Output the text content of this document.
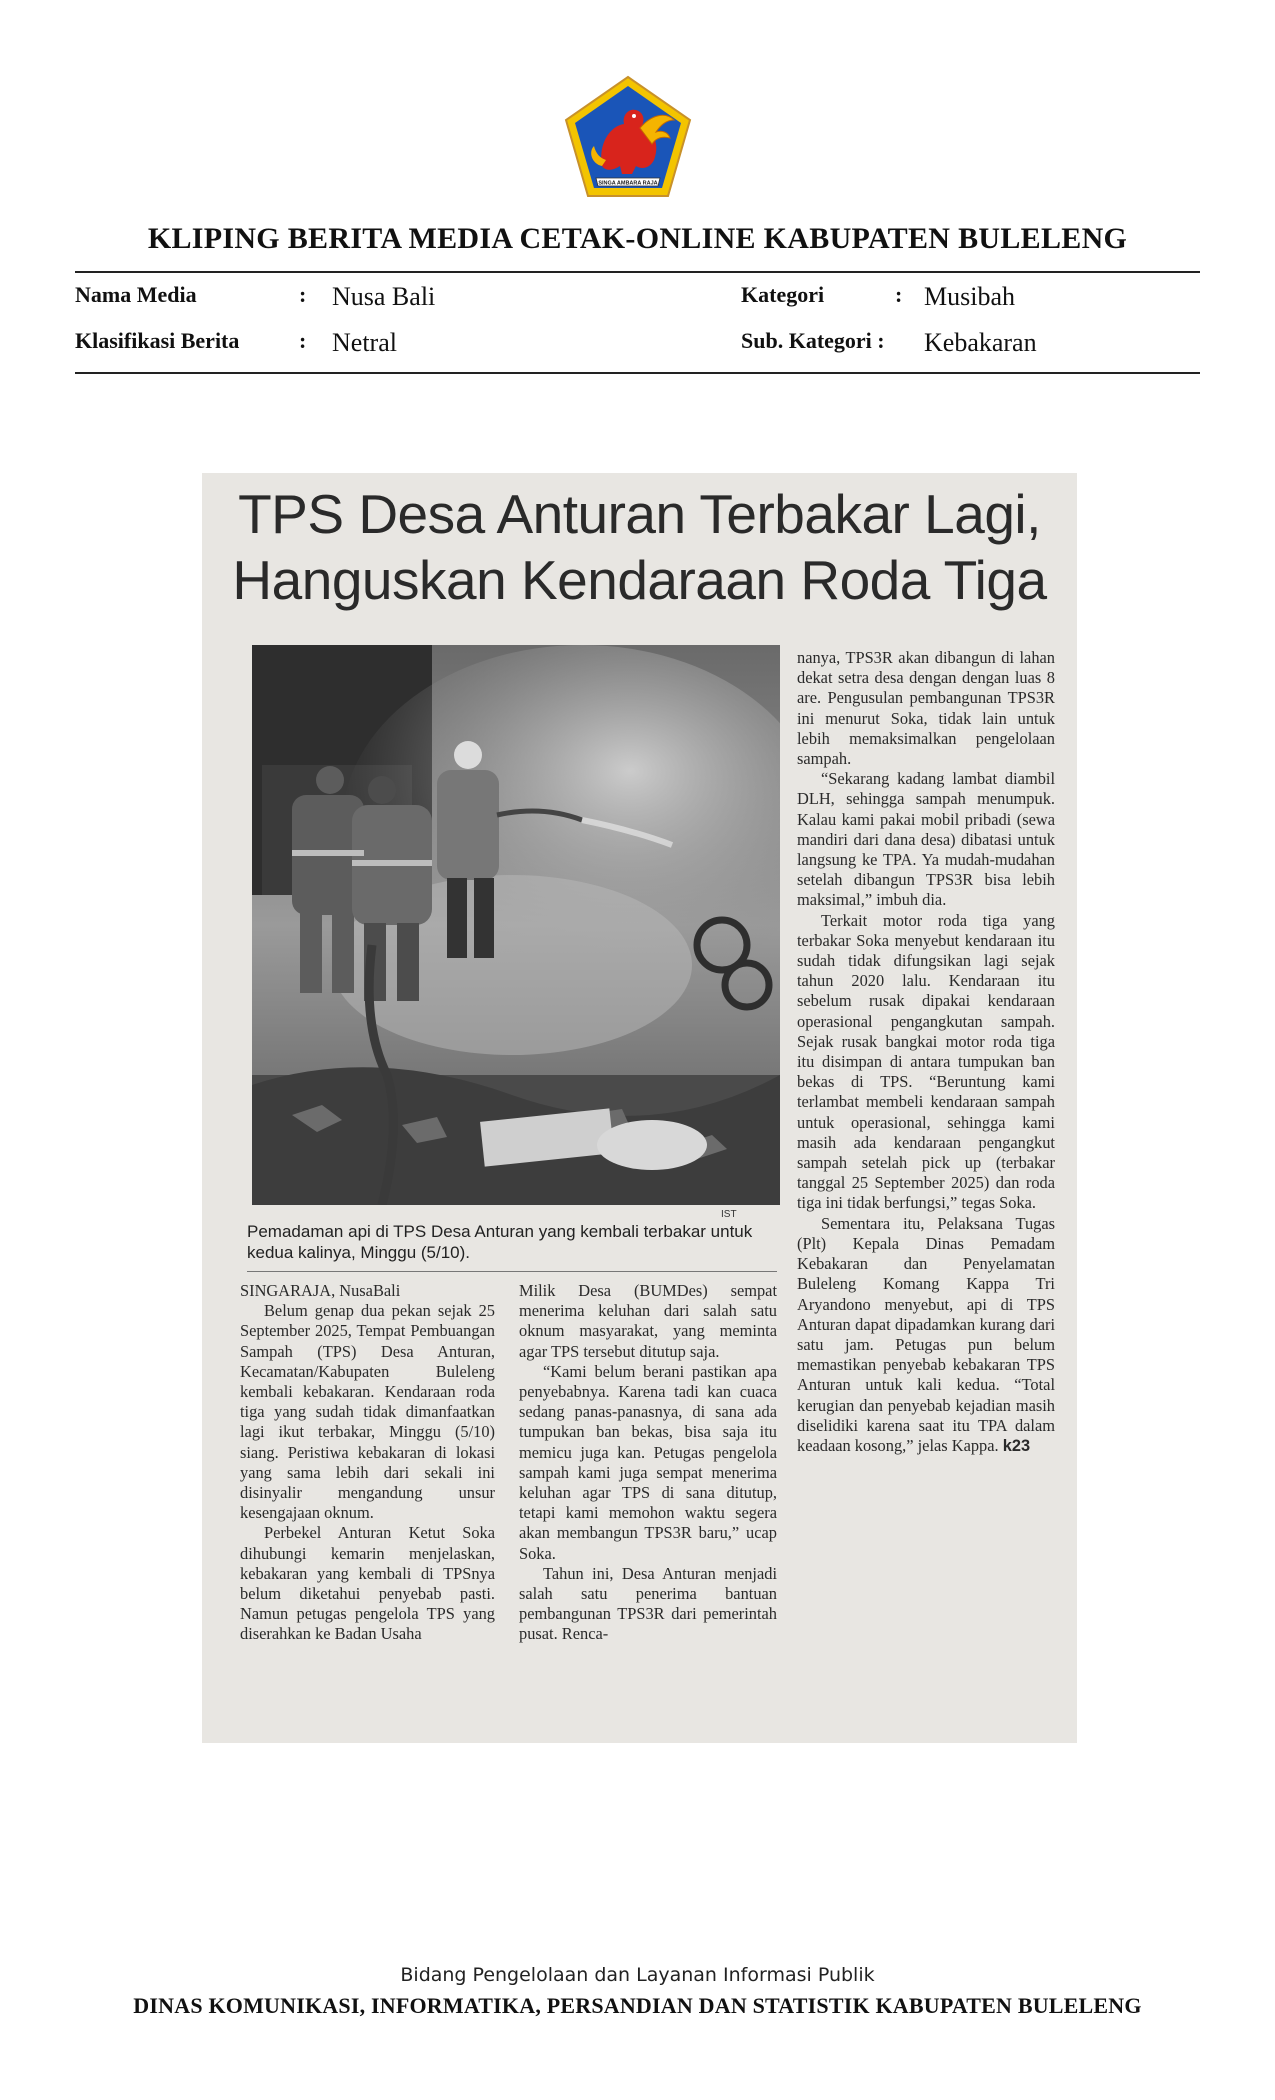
SINGA AMBARA RAJA
KLIPING BERITA MEDIA CETAK-ONLINE KABUPATEN BULELENG
Nama Media	: Nusa Bali
Klasifikasi Berita	: Netral
Kategori	: Musibah
Sub. Kategori : Kebakaran
TPS Desa Anturan Terbakar Lagi,
Hanguskan Kendaraan Roda Tiga
IST
Pemadaman api di TPS Desa Anturan yang kembali terbakar untuk kedua kalinya, Minggu (5/10).

SINGARAJA, NusaBali

Belum genap dua pekan sejak 25 September 2025, Tempat Pembuangan Sampah (TPS) Desa Anturan, Kecamatan/Kabupaten Buleleng kembali kebakaran. Kendaraan roda tiga yang sudah tidak dimanfaatkan lagi ikut terbakar, Minggu (5/10) siang. Peristiwa kebakaran di lokasi yang sama lebih dari sekali ini disinyalir mengandung unsur kesengajaan oknum.

Perbekel Anturan Ketut Soka dihubungi kemarin menjelaskan, kebakaran yang kembali di TPSnya belum diketahui penyebab pasti. Namun petugas pengelola TPS yang diserahkan ke Badan Usaha

Milik Desa (BUMDes) sempat menerima keluhan dari salah satu oknum masyarakat, yang meminta agar TPS tersebut ditutup saja.

“Kami belum berani pastikan apa penyebabnya. Karena tadi kan cuaca sedang panas-panasnya, di sana ada tumpukan ban bekas, bisa saja itu memicu juga kan. Petugas pengelola sampah kami juga sempat menerima keluhan agar TPS di sana ditutup, tetapi kami memohon waktu segera akan membangun TPS3R baru,” ucap Soka.

Tahun ini, Desa Anturan menjadi salah satu penerima bantuan pembangunan TPS3R dari pemerintah pusat. Renca-

nanya, TPS3R akan dibangun di lahan dekat setra desa dengan dengan luas 8 are. Pengusulan pembangunan TPS3R ini menurut Soka, tidak lain untuk lebih memaksimalkan pengelolaan sampah.

“Sekarang kadang lambat diambil DLH, sehingga sampah menumpuk. Kalau kami pakai mobil pribadi (sewa mandiri dari dana desa) dibatasi untuk langsung ke TPA. Ya mudah-mudahan setelah dibangun TPS3R bisa lebih maksimal,” imbuh dia.

Terkait motor roda tiga yang terbakar Soka menyebut kendaraan itu sudah tidak difungsikan lagi sejak tahun 2020 lalu. Kendaraan itu sebelum rusak dipakai kendaraan operasional pengangkutan sampah. Sejak rusak bangkai motor roda tiga itu disimpan di antara tumpukan ban bekas di TPS. “Beruntung kami terlambat membeli kendaraan sampah untuk operasional, sehingga kami masih ada kendaraan pengangkut sampah setelah pick up (terbakar tanggal 25 September 2025) dan roda tiga ini tidak berfungsi,” tegas Soka.

Sementara itu, Pelaksana Tugas (Plt) Kepala Dinas Pemadam Kebakaran dan Penyelamatan Buleleng Komang Kappa Tri Aryandono menyebut, api di TPS Anturan dapat dipadamkan kurang dari satu jam. Petugas pun belum memastikan penyebab kebakaran TPS Anturan untuk kali kedua. “Total kerugian dan penyebab kejadian masih diselidiki karena saat itu TPA dalam keadaan kosong,” jelas Kappa. k23

Bidang Pengelolaan dan Layanan Informasi Publik
DINAS KOMUNIKASI, INFORMATIKA, PERSANDIAN DAN STATISTIK KABUPATEN BULELENG
